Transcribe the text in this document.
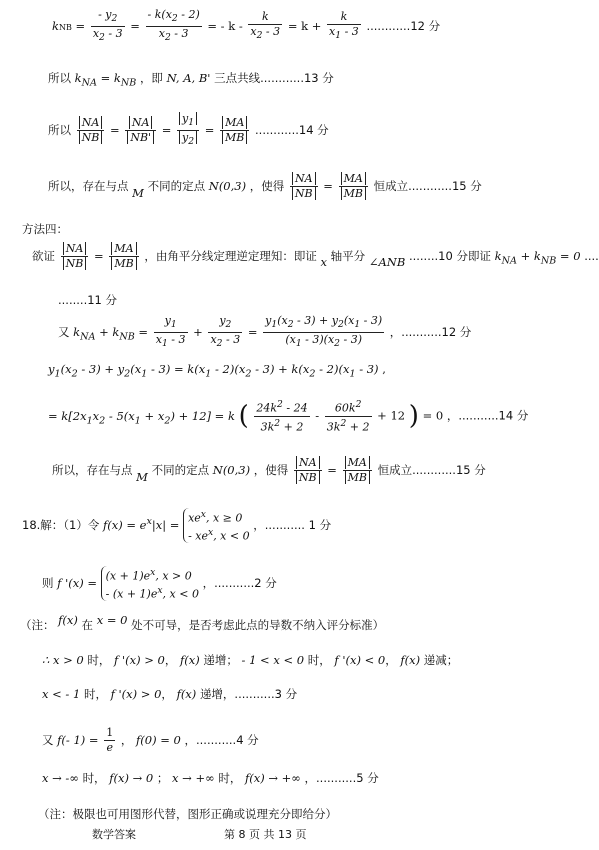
kNB = $\frac{- y_2}{x_2 - 3} = \frac{- k(x_2 - 2)}{x_2 - 3}$ = - $k - \frac{k}{x_2 - 3} = k + \frac{k}{x_1 - 3} ............12$ 分
所以 $k_{NA} = k_{NB}$ ，即 N, A, B' 三点共线............13 分
所以 $\frac{NA}{NB} = \frac{NA}{NB'} = \frac{y_1}{y_2} = \frac{MA}{MB} ............14$ 分
所以，存在与点 M 不同的定点 N(0,3) ，使得 $\frac{NA}{NB} = \frac{MA}{MB}$ 恒成立............15 分
方法四：
欲证 $\frac{NA}{NB} = \frac{MA}{MB}$ ，由角平分线定理逆定理知：即证 x 轴平分 ∠ANB ........10 分即证 $k_{NA} + k_{NB} = 0$ ....
........11 分
又 $k_{NA} + k_{NB} = \frac{y_1}{x_1 - 3} + \frac{y_2}{x_2 - 3} = \frac{y_1(x_2 - 3) + y_2(x_1 - 3)}{(x_1 - 3)(x_2 - 3)}$ ，...........12 分
$y_1(x_2 - 3) + y_2(x_1 - 3) = k(x_1 - 2)(x_2 - 3) + k(x_2 - 2)(x_1 - 3)$ ,
= $k[2x_1x_2 - 5(x_1 + x_2) + 12] = k$ ( $\frac{24k^2 - 24}{3k^2 + 2} - \frac{60k^2}{3k^2 + 2} + 12$ ) = 0 ，...........14 分
所以，存在与点 M 不同的定点 N(0,3) ，使得 $\frac{NA}{NB} = \frac{MA}{MB}$ 恒成立............15 分
18.解：（1）令 $f(x) = e^x|x| = xe^x$, x ≥ 0
- $xe^x$, x < 0 ，........... 1 分
则 f '$(x) = (x + 1)e^x$, x > 0
- $(x + 1)e^x$, x < 0 ，...........2 分
（注： f(x) 在 x = 0 处不可导，是否考虑此点的导数不纳入评分标准）
∴ x > 0 时， f '(x) > 0， f(x) 递增； - 1 < x < 0 时， f '(x) < 0， f(x) 递减；
x < - 1 时， f '(x) > 0， f(x) 递增，...........3 分
又 f(- $1) = \frac{1}{e}$ ， f(0) = 0 ，...........4 分
x → -∞ 时， f(x) → 0 ； x → +∞ 时， f(x) → +∞ ，...........5 分
（注：极限也可用图形代替，图形正确或说理充分即给分）
数学答案	第 8 页 共 13 页
